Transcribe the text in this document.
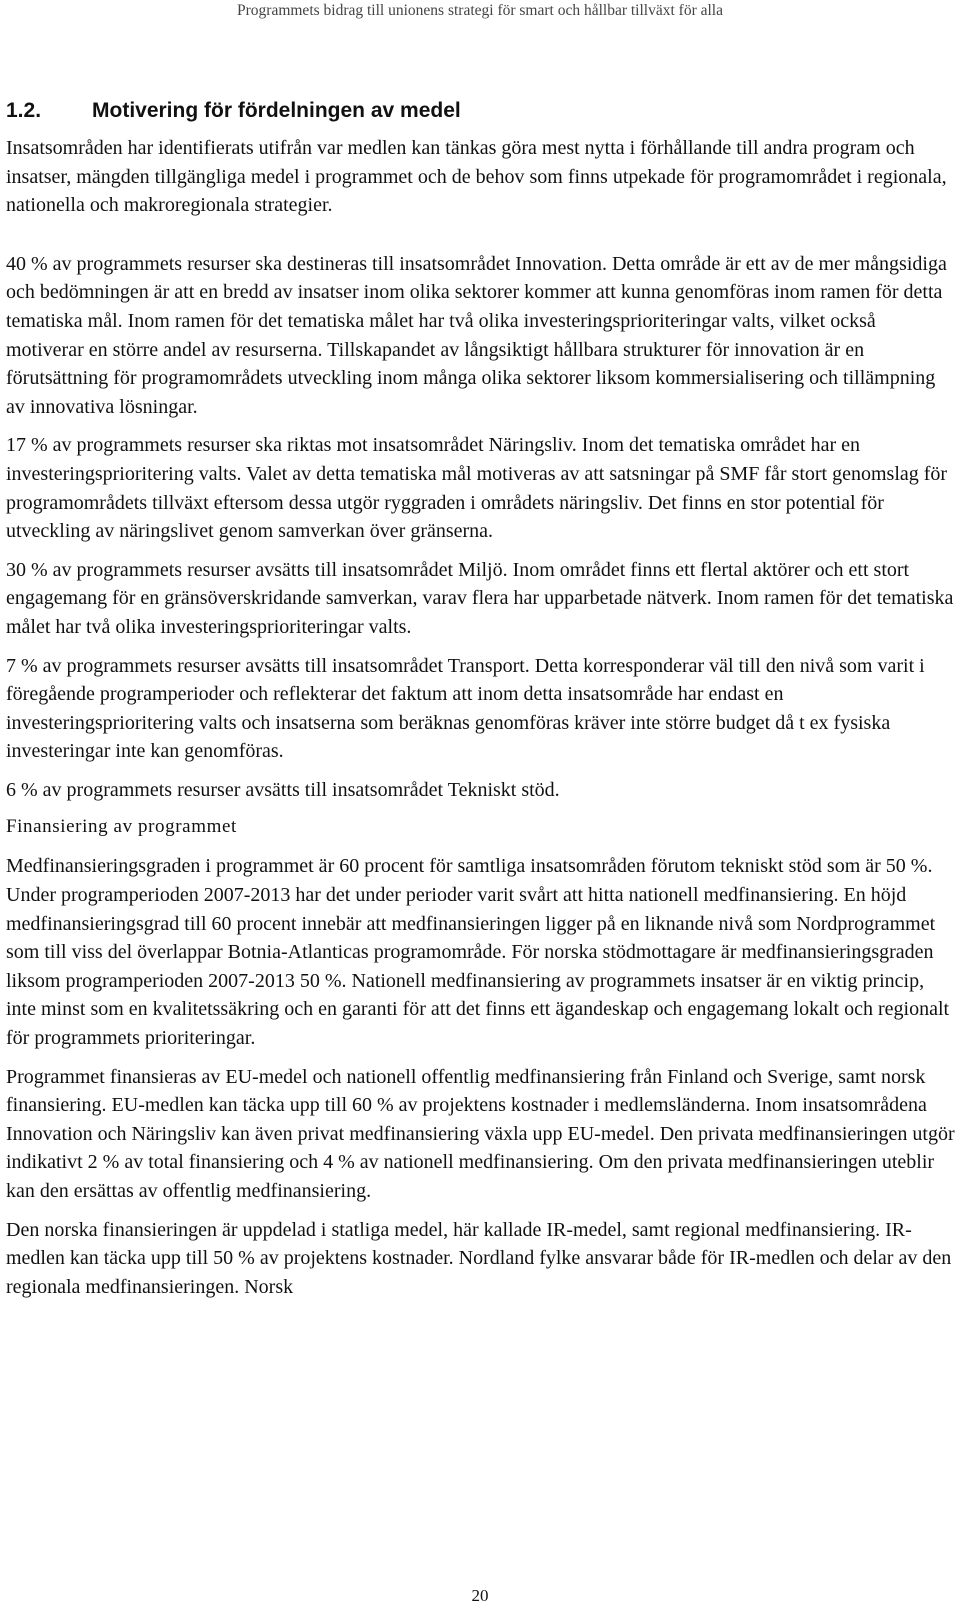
Programmets bidrag till unionens strategi för smart och hållbar tillväxt för alla
1.2. Motivering för fördelningen av medel

Insatsområden har identifierats utifrån var medlen kan tänkas göra mest nytta i förhållande till andra program och insatser, mängden tillgängliga medel i programmet och de behov som finns utpekade för programområdet i regionala, nationella och makroregionala strategier.

40 % av programmets resurser ska destineras till insatsområdet Innovation. Detta område är ett av de mer mångsidiga och bedömningen är att en bredd av insatser inom olika sektorer kommer att kunna genomföras inom ramen för detta tematiska mål. Inom ramen för det tematiska målet har två olika investeringsprioriteringar valts, vilket också motiverar en större andel av resurserna. Tillskapandet av långsiktigt hållbara strukturer för innovation är en förutsättning för programområdets utveckling inom många olika sektorer liksom kommersialisering och tillämpning av innovativa lösningar.

17 % av programmets resurser ska riktas mot insatsområdet Näringsliv. Inom det tematiska området har en investeringsprioritering valts. Valet av detta tematiska mål motiveras av att satsningar på SMF får stort genomslag för programområdets tillväxt eftersom dessa utgör ryggraden i områdets näringsliv. Det finns en stor potential för utveckling av näringslivet genom samverkan över gränserna.

30 % av programmets resurser avsätts till insatsområdet Miljö. Inom området finns ett flertal aktörer och ett stort engagemang för en gränsöverskridande samverkan, varav flera har upparbetade nätverk. Inom ramen för det tematiska målet har två olika investeringsprioriteringar valts.

7 % av programmets resurser avsätts till insatsområdet Transport. Detta korresponderar väl till den nivå som varit i föregående programperioder och reflekterar det faktum att inom detta insatsområde har endast en investeringsprioritering valts och insatserna som beräknas genomföras kräver inte större budget då t ex fysiska investeringar inte kan genomföras.

6 % av programmets resurser avsätts till insatsområdet Tekniskt stöd.

Finansiering av programmet

Medfinansieringsgraden i programmet är 60 procent för samtliga insatsområden förutom tekniskt stöd som är 50 %. Under programperioden 2007-2013 har det under perioder varit svårt att hitta nationell medfinansiering. En höjd medfinansieringsgrad till 60 procent innebär att medfinansieringen ligger på en liknande nivå som Nordprogrammet som till viss del överlappar Botnia-Atlanticas programområde. För norska stödmottagare är medfinansieringsgraden liksom programperioden 2007-2013 50 %. Nationell medfinansiering av programmets insatser är en viktig princip, inte minst som en kvalitetssäkring och en garanti för att det finns ett ägandeskap och engagemang lokalt och regionalt för programmets prioriteringar.

Programmet finansieras av EU-medel och nationell offentlig medfinansiering från Finland och Sverige, samt norsk finansiering. EU-medlen kan täcka upp till 60 % av projektens kostnader i medlemsländerna. Inom insatsområdena Innovation och Näringsliv kan även privat medfinansiering växla upp EU-medel. Den privata medfinansieringen utgör indikativt 2 % av total finansiering och 4 % av nationell medfinansiering. Om den privata medfinansieringen uteblir kan den ersättas av offentlig medfinansiering.

Den norska finansieringen är uppdelad i statliga medel, här kallade IR-medel, samt regional medfinansiering. IR-medlen kan täcka upp till 50 % av projektens kostnader. Nordland fylke ansvarar både för IR-medlen och delar av den regionala medfinansieringen. Norsk

20
